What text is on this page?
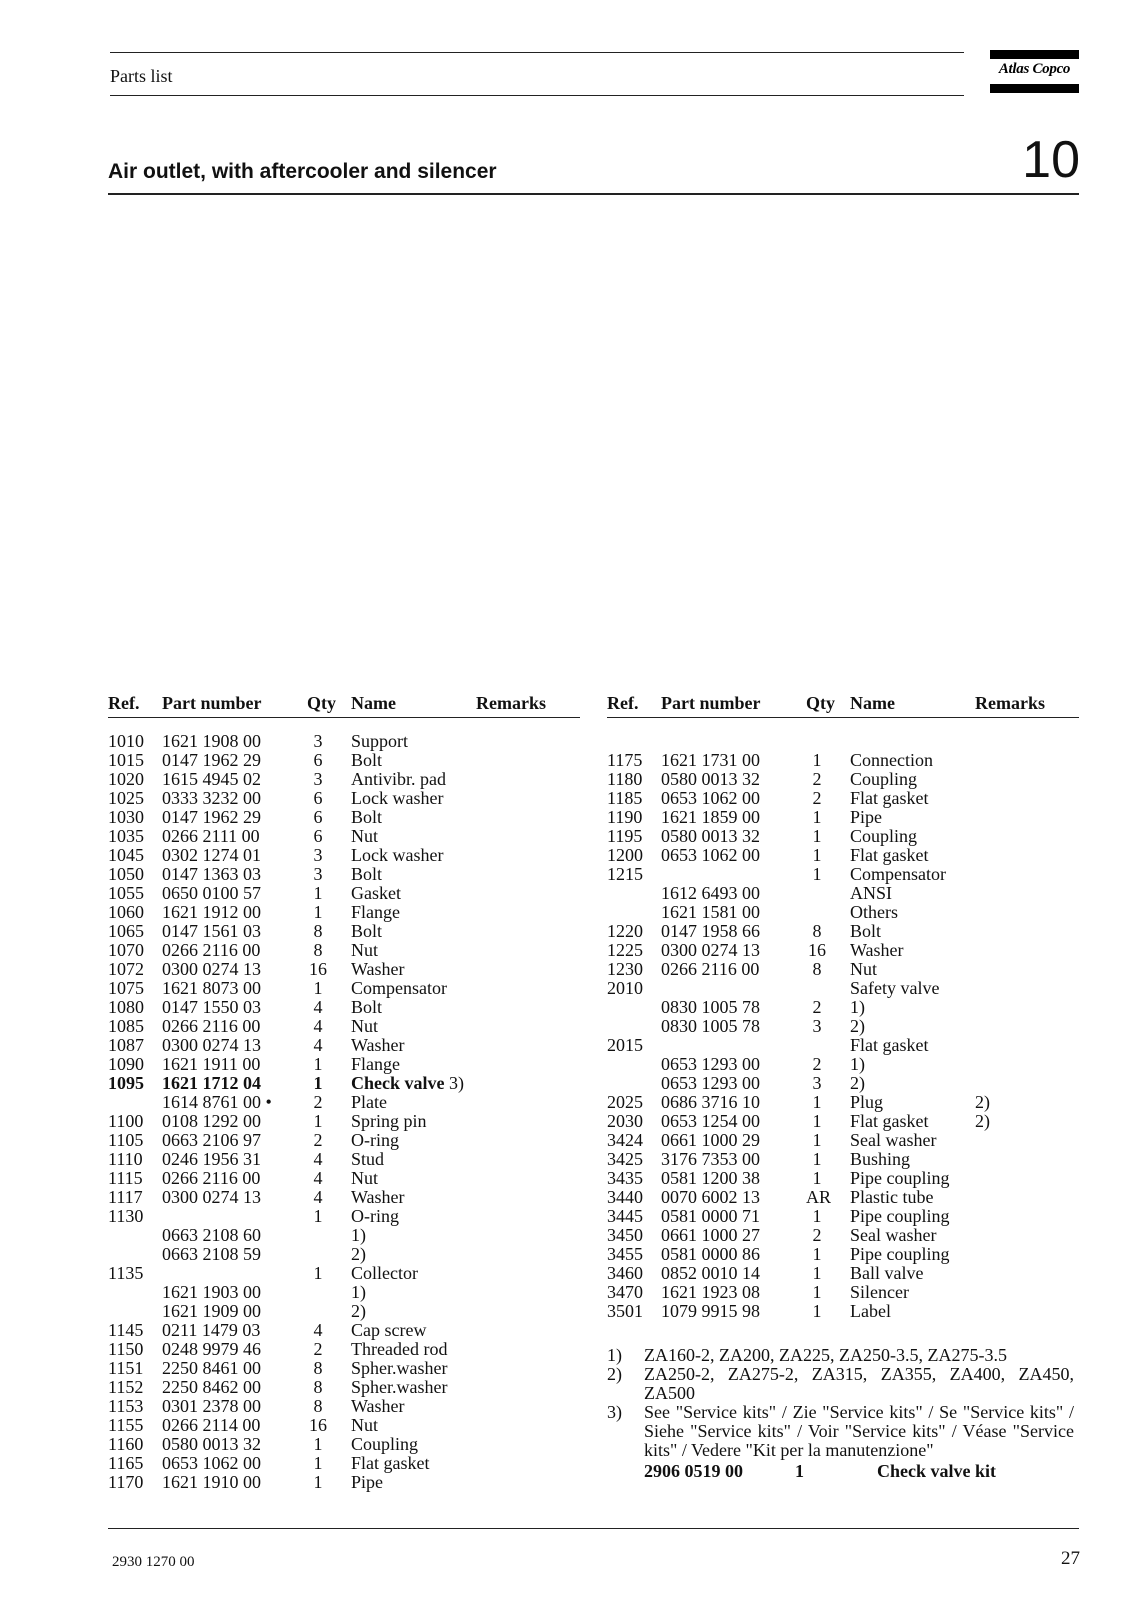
Parts list	Atlas Copco
Air outlet, with aftercooler and silencer	10
Ref. Part number	Qty Name	Remarks
1010 1621 1908 00	3	Support
1015 0147 1962 29	6	Bolt
1020 1615 4945 02	3	Antivibr. pad
1025 0333 3232 00	6	Lock washer
1030 0147 1962 29	6	Bolt
1035 0266 2111 00	6	Nut
1045 0302 1274 01	3	Lock washer
1050 0147 1363 03	3	Bolt
1055 0650 0100 57	1	Gasket
1060 1621 1912 00	1	Flange
1065 0147 1561 03	8	Bolt
1070 0266 2116 00	8	Nut
1072 0300 0274 13	16 Washer
1075 1621 8073 00	1	Compensator
1080 0147 1550 03	4	Bolt
1085 0266 2116 00	4	Nut
1087 0300 0274 13	4	Washer
1090 1621 1911 00	1	Flange
1095 1621 1712 04	1	Check valve 3)
1614 8761 00 •	2	Plate
1100 0108 1292 00	1	Spring pin
1105 0663 2106 97	2	O-ring
1110 0246 1956 31	4	Stud
1115 0266 2116 00	4	Nut
1117 0300 0274 13	4	Washer
1130	1	O-ring
0663 2108 60	1)
0663 2108 59	2)
1135	1	Collector
1621 1903 00	1)
1621 1909 00	2)
1145 0211 1479 03	4	Cap screw
1150 0248 9979 46	2	Threaded rod
1151 2250 8461 00	8	Spher.washer
1152 2250 8462 00	8	Spher.washer
1153 0301 2378 00	8	Washer
1155 0266 2114 00	16 Nut
1160 0580 0013 32	1	Coupling
1165 0653 1062 00	1	Flat gasket
1170 1621 1910 00	1	Pipe
Ref. Part number	Qty Name	Remarks
1175 1621 1731 00	1	Connection
1180 0580 0013 32	2	Coupling
1185 0653 1062 00	2	Flat gasket
1190 1621 1859 00	1	Pipe
1195 0580 0013 32	1	Coupling
1200 0653 1062 00	1	Flat gasket
1215	1	Compensator
1612 6493 00	ANSI
1621 1581 00	Others
1220 0147 1958 66	8	Bolt
1225 0300 0274 13	16 Washer
1230 0266 2116 00	8	Nut
2010	Safety valve
0830 1005 78	2	1)
0830 1005 78	3	2)
2015	Flat gasket
0653 1293 00	2	1)
0653 1293 00	3	2)
2025 0686 3716 10	1	Plug	2)
2030 0653 1254 00	1	Flat gasket	2)
3424 0661 1000 29	1	Seal washer
3425 3176 7353 00	1	Bushing
3435 0581 1200 38	1	Pipe coupling
3440 0070 6002 13	AR Plastic tube
3445 0581 0000 71	1	Pipe coupling
3450 0661 1000 27	2	Seal washer
3455 0581 0000 86	1	Pipe coupling
3460 0852 0010 14	1	Ball valve
3470 1621 1923 08	1	Silencer
3501 1079 9915 98	1	Label
1) ZA160-2, ZA200, ZA225, ZA250-3.5, ZA275-3.5
2) ZA250-2, ZA275-2, ZA315, ZA355, ZA400, ZA450, ZA500
3) See "Service kits" / Zie "Service kits" / Se "Service kits" / Siehe "Service kits" / Voir "Service kits" / Véase "Service kits" / Vedere "Kit per la manutenzione"
2906 0519 00	1	Check valve kit
2930 1270 00	27
